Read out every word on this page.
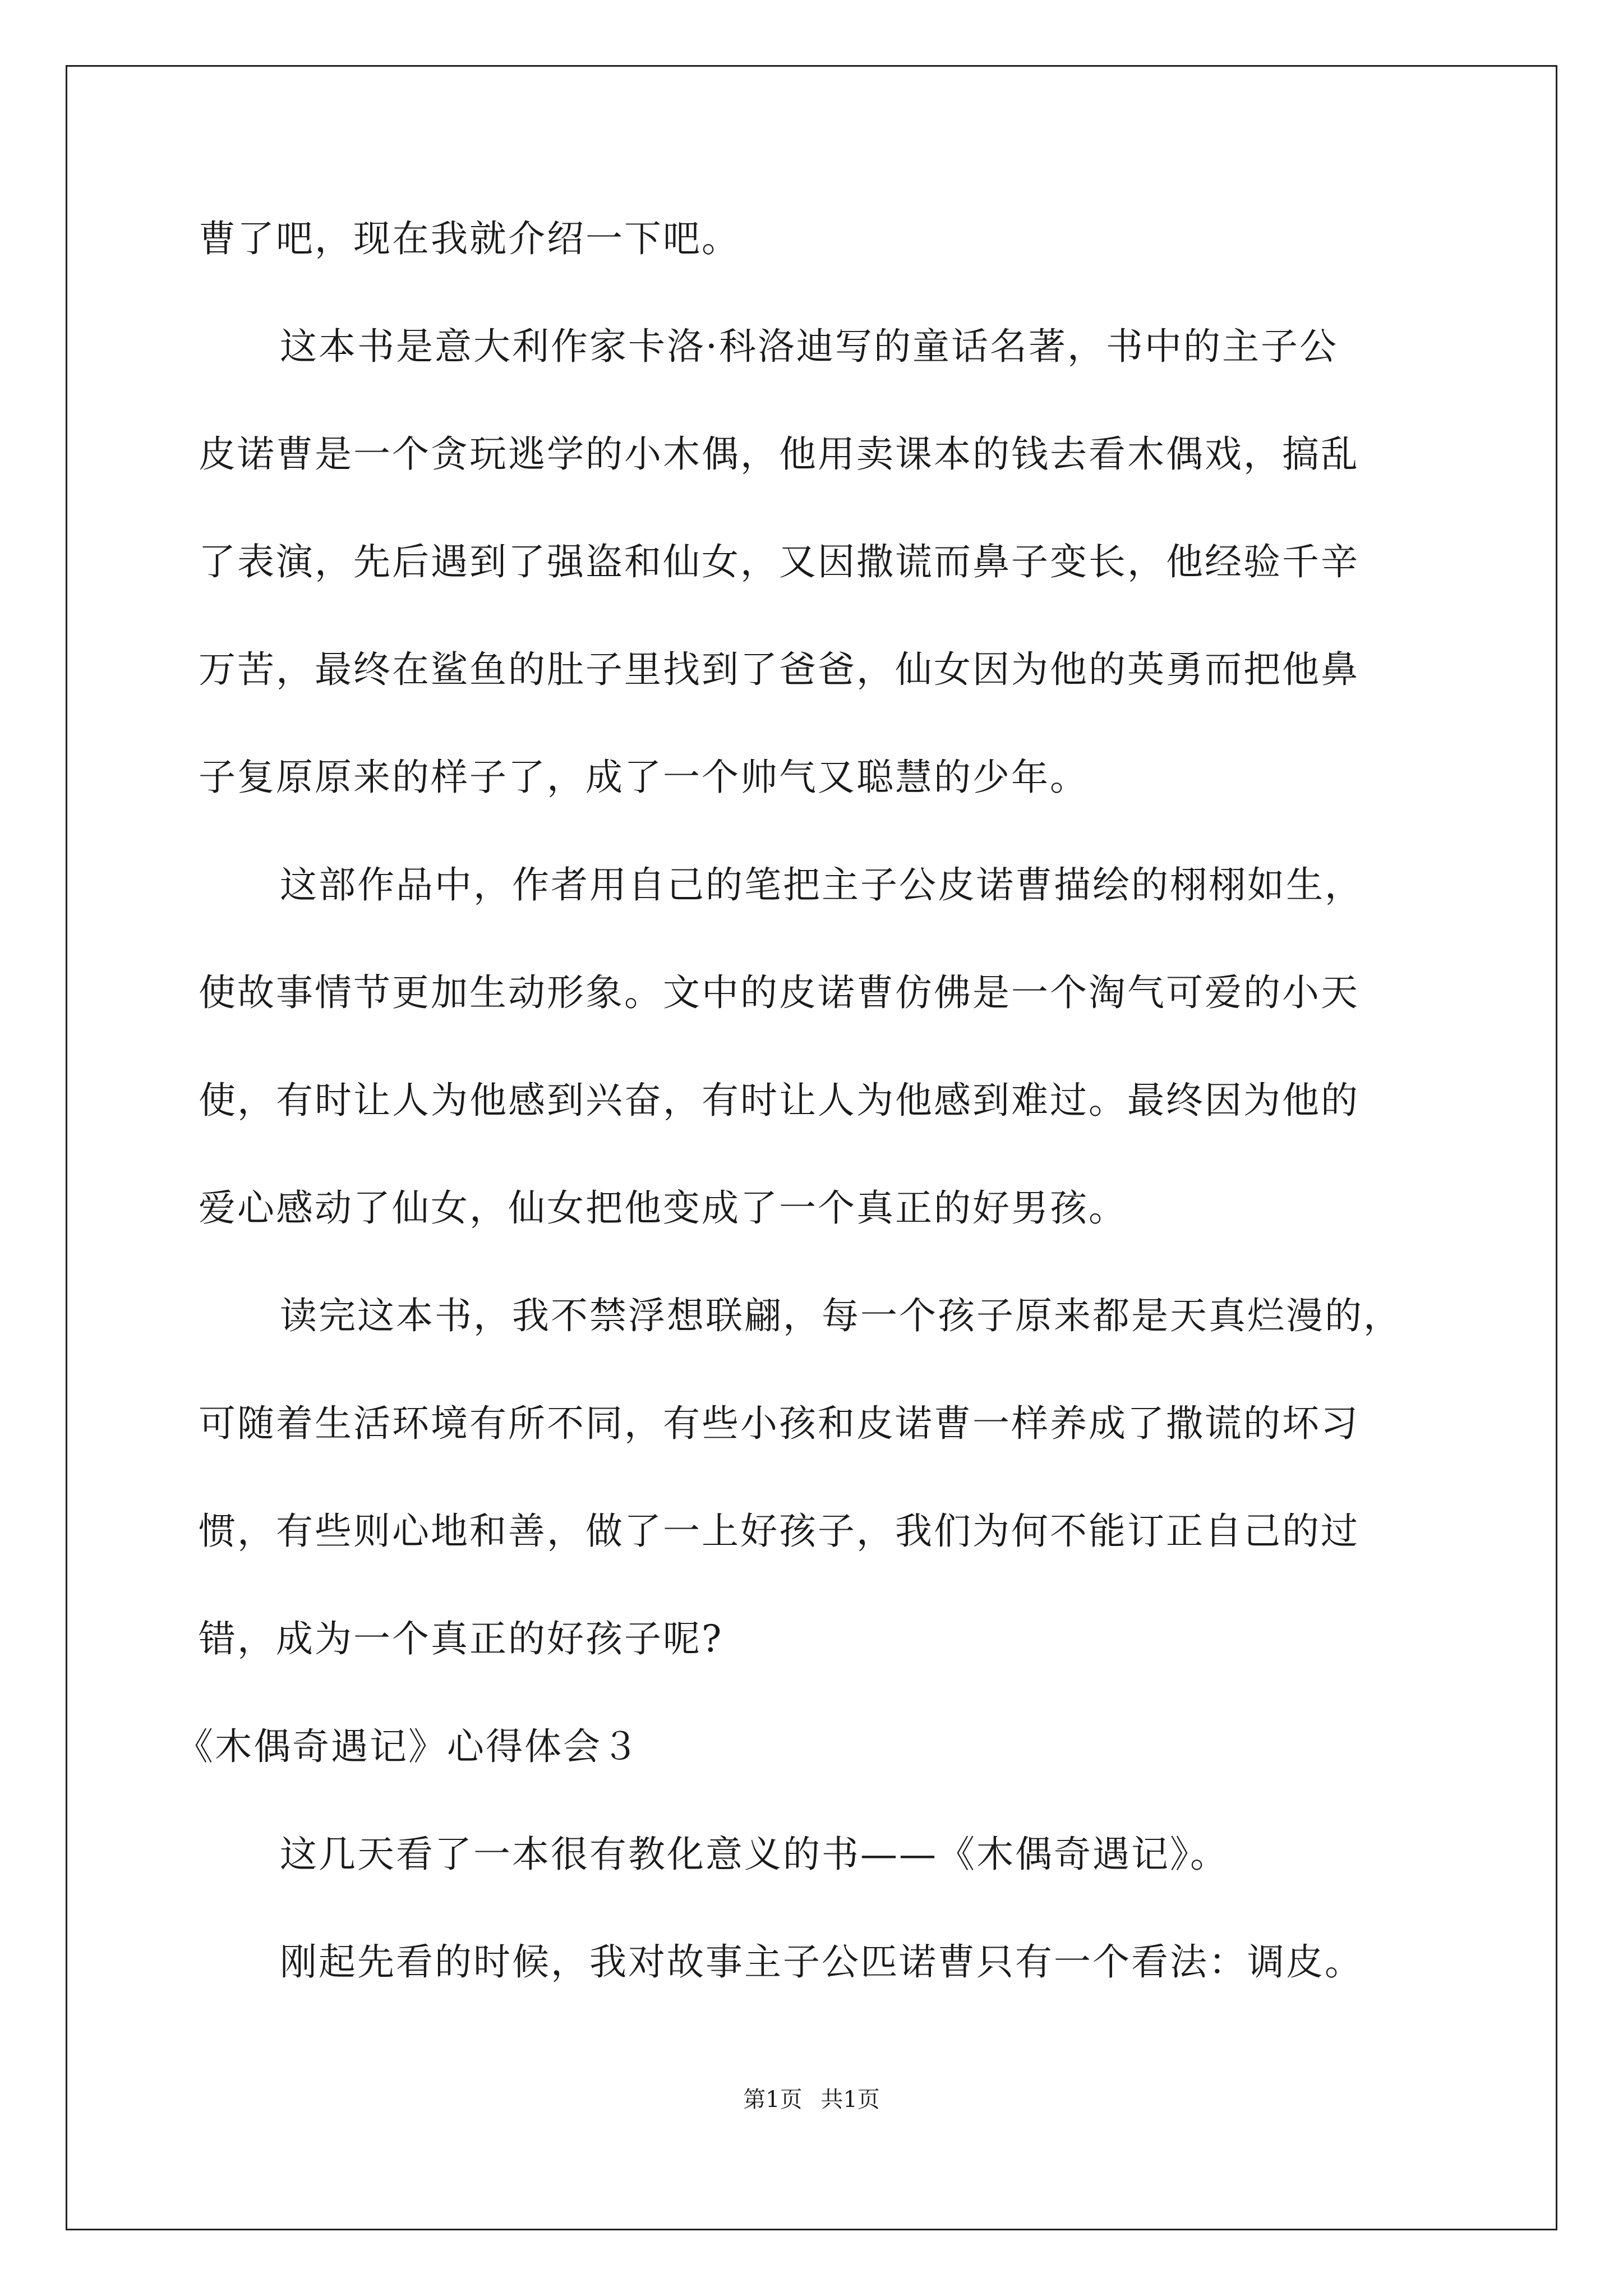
曹了吧，现在我就介绍一下吧。
这本书是意大利作家卡洛·科洛迪写的童话名著，书中的主子公
皮诺曹是一个贪玩逃学的小木偶，他用卖课本的钱去看木偶戏，搞乱
了表演，先后遇到了强盗和仙女，又因撒谎而鼻子变长，他经验千辛
万苦，最终在鲨鱼的肚子里找到了爸爸，仙女因为他的英勇而把他鼻
子复原原来的样子了，成了一个帅气又聪慧的少年。
这部作品中，作者用自己的笔把主子公皮诺曹描绘的栩栩如生，
使故事情节更加生动形象。文中的皮诺曹仿佛是一个淘气可爱的小天
使，有时让人为他感到兴奋，有时让人为他感到难过。最终因为他的
爱心感动了仙女，仙女把他变成了一个真正的好男孩。
读完这本书，我不禁浮想联翩，每一个孩子原来都是天真烂漫的，
可随着生活环境有所不同，有些小孩和皮诺曹一样养成了撒谎的坏习
惯，有些则心地和善，做了一上好孩子，我们为何不能订正自己的过
错，成为一个真正的好孩子呢?
《木偶奇遇记》心得体会３
这几天看了一本很有教化意义的书——《木偶奇遇记》。
刚起先看的时候，我对故事主子公匹诺曹只有一个看法：调皮。
第1页 共1页
